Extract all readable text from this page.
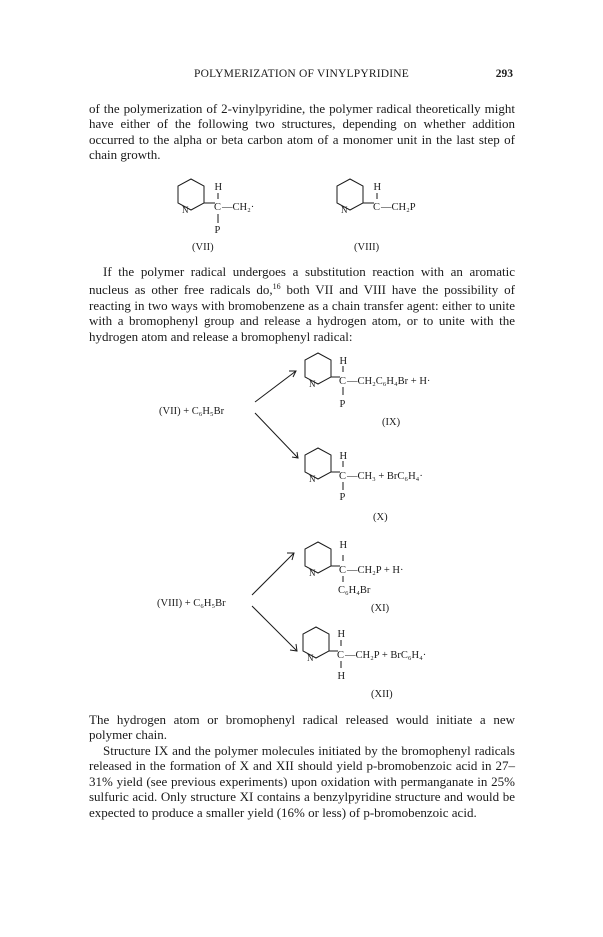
POLYMERIZATION OF VINYLPYRIDINE	293
of the polymerization of 2-vinylpyridine, the polymer radical theoretically might have either of the following two structures, depending on whether addition occurred to the alpha or beta carbon atom of a monomer unit in the last step of chain growth.
If the polymer radical undergoes a substitution reaction with an aromatic nucleus as other free radicals do,$^{16}$ both VII and VIII have the possibility of reacting in two ways with bromobenzene as a chain transfer agent: either to unite with a bromophenyl group and release a hydrogen atom, or to unite with the hydrogen atom and release a bromophenyl radical:
The hydrogen atom or bromophenyl radical released would initiate a new polymer chain.
Structure IX and the polymer molecules initiated by the bromophenyl radicals released in the formation of X and XII should yield p-bromobenzoic acid in 27–31% yield (see previous experiments) upon oxidation with permanganate in 25% sulfuric acid. Only structure XI contains a benzylpyridine structure and would be expected to produce a smaller yield (16% or less) of p-bromobenzoic acid.
N
H
C —CH₂·
P
(VII)
N
H
C —CH₂P
(VIII)
(VII) + C₆H₅Br
N
H
C —CH₂C₆H₄Br + H·
P
(IX)
N
H
C —CH₃ + BrC₆H₄·
P
(X)
(VIII) + C₆H₅Br
N
H
C —CH₂P + H·
C₆H₄Br
(XI)
N
H
C —CH₂P + BrC₆H₄·
H
(XII)
